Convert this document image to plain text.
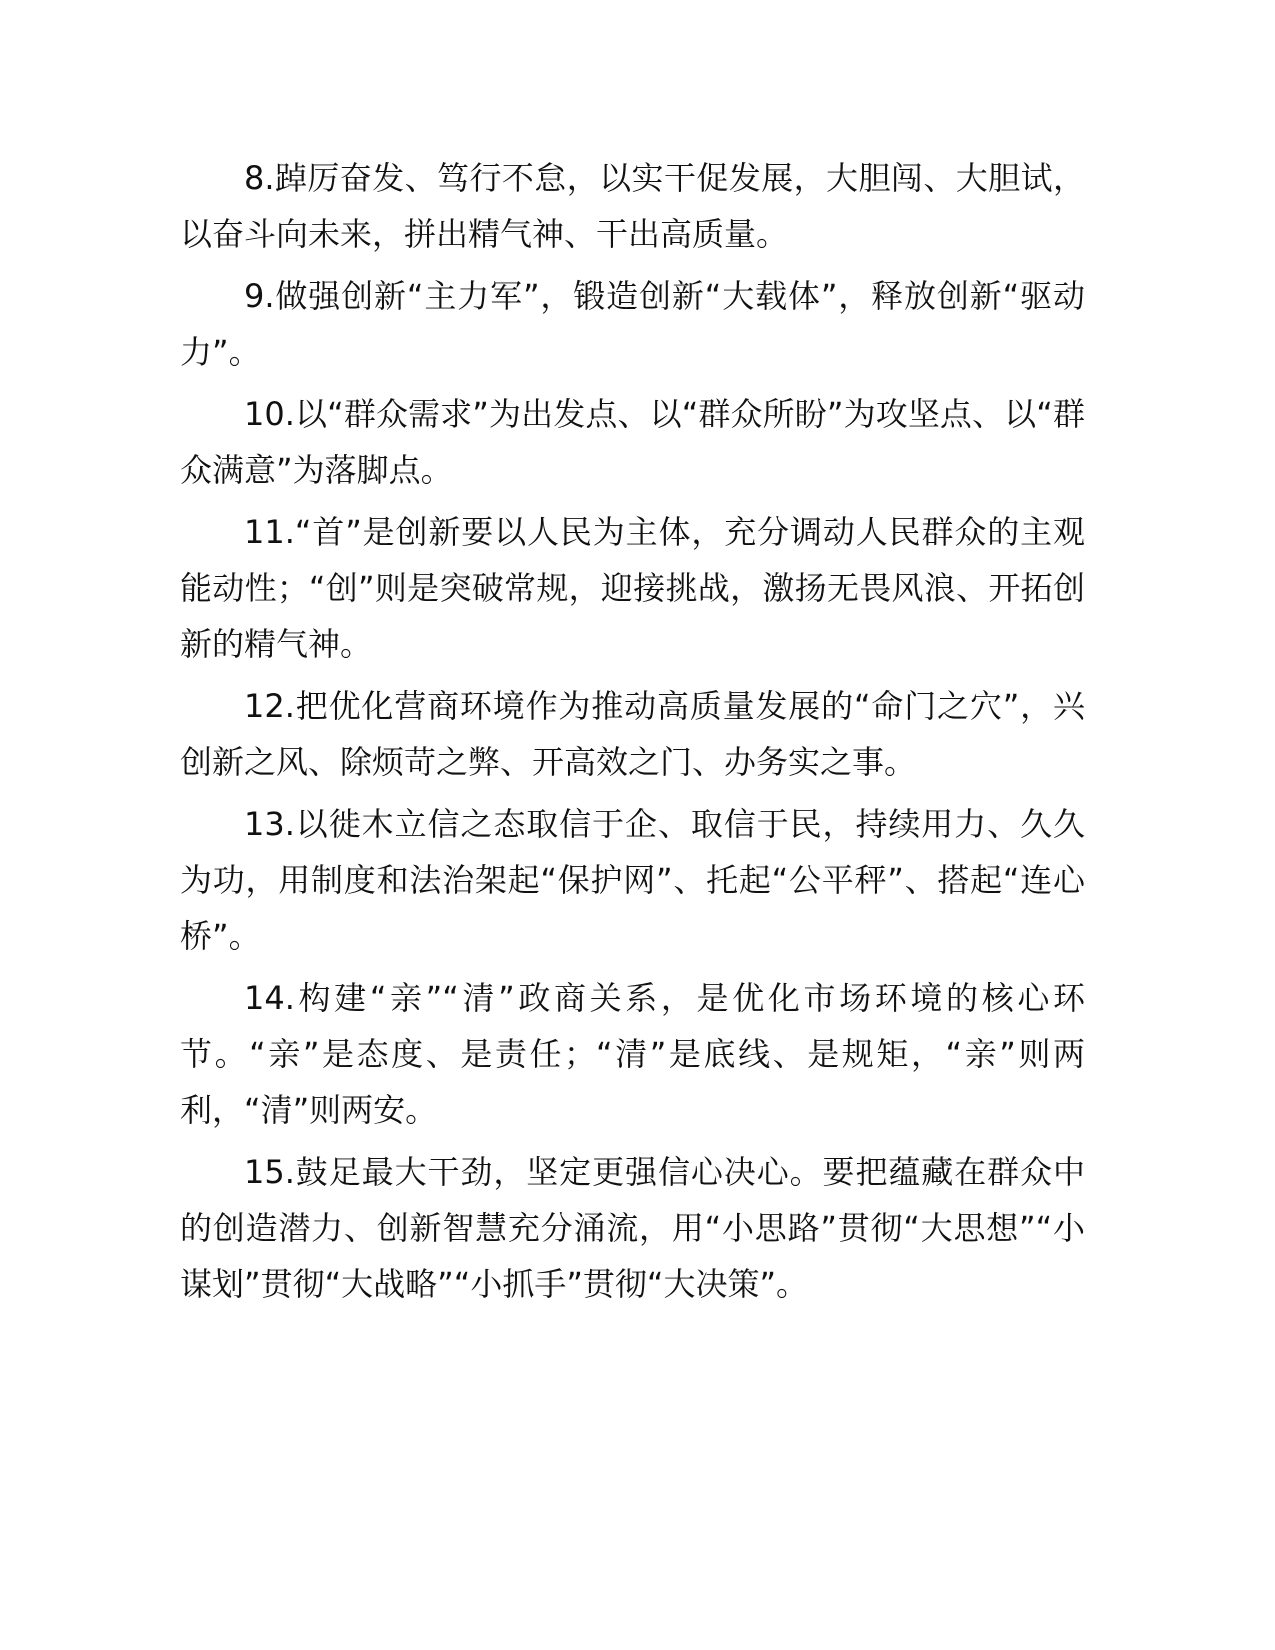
8.踔厉奋发、笃行不怠，以实干促发展，大胆闯、大胆试，以奋斗向未来，拼出精气神、干出高质量。

9.做强创新“主力军”，锻造创新“大载体”，释放创新“驱动力”。

10.以“群众需求”为出发点、以“群众所盼”为攻坚点、以“群众满意”为落脚点。

11.“首”是创新要以人民为主体，充分调动人民群众的主观能动性；“创”则是突破常规，迎接挑战，激扬无畏风浪、开拓创新的精气神。

12.把优化营商环境作为推动高质量发展的“命门之穴”，兴创新之风、除烦苛之弊、开高效之门、办务实之事。

13.以徙木立信之态取信于企、取信于民，持续用力、久久为功，用制度和法治架起“保护网”、托起“公平秤”、搭起“连心桥”。

14.构建“亲”“清”政商关系，是优化市场环境的核心环节。“亲”是态度、是责任；“清”是底线、是规矩，“亲”则两利，“清”则两安。

15.鼓足最大干劲，坚定更强信心决心。要把蕴藏在群众中的创造潜力、创新智慧充分涌流，用“小思路”贯彻“大思想”“小谋划”贯彻“大战略”“小抓手”贯彻“大决策”。
